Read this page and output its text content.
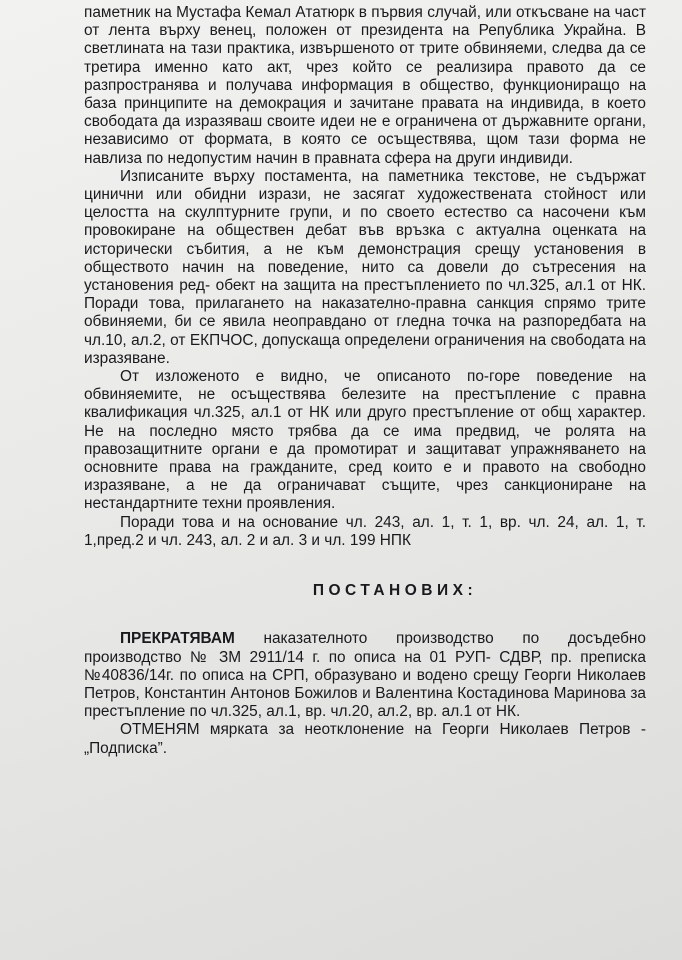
паметник на Мустафа Кемал Ататюрк в първия случай, или откъсване на част от лента върху венец, положен от президента на Република Украйна. В светлината на тази практика, извършеното от трите обвиняеми, следва да се третира именно като акт, чрез който се реализира правото да се разпространява и получава информация в общество, функциониращо на база принципите на демокрация и зачитане правата на индивида, в което свободата да изразяваш своите идеи не е ограничена от държавните органи, независимо от формата, в която се осъществява, щом тази форма не навлиза по недопустим начин в правната сфера на други индивиди.

Изписаните върху постамента, на паметника текстове, не съдържат цинични или обидни изрази, не засягат художествената стойност или целостта на скулптурните групи, и по своето естество са насочени към провокиране на обществен дебат във връзка с актуална оценката на исторически събития, а не към демонстрация срещу установения в обществото начин на поведение, нито са довели до сътресения на установения ред- обект на защита на престъплението по чл.325, ал.1 от НК. Поради това, прилагането на наказателно-правна санкция спрямо трите обвиняеми, би се явила неоправдано от гледна точка на разпоредбата на чл.10, ал.2, от ЕКПЧОС, допускаща определени ограничения на свободата на изразяване.

От изложеното е видно, че описаното по-горе поведение на обвиняемите, не осъществява белезите на престъпление с правна квалификация чл.325, ал.1 от НК или друго престъпление от общ характер. Не на последно място трябва да се има предвид, че ролята на правозащитните органи е да промотират и защитават упражняването на основните права на гражданите, сред които е и правото на свободно изразяване, а не да ограничават същите, чрез санкциониране на нестандартните техни проявления.

Поради това и на основание чл. 243, ал. 1, т. 1, вр. чл. 24, ал. 1, т. 1,пред.2 и чл. 243, ал. 2 и ал. 3 и чл. 199 НПК

ПОСТАНОВИХ:

ПРЕКРАТЯВАМ наказателното производство по досъдебно производство № ЗМ 2911/14 г. по описа на 01 РУП- СДВР, пр. преписка №40836/14г. по описа на СРП, образувано и водено срещу Георги Николаев Петров, Константин Антонов Божилов и Валентина Костадинова Маринова за престъпление по чл.325, ал.1, вр. чл.20, ал.2, вр. ал.1 от НК.

ОТМЕНЯМ мярката за неотклонение на Георги Николаев Петров - „Подписка”.
